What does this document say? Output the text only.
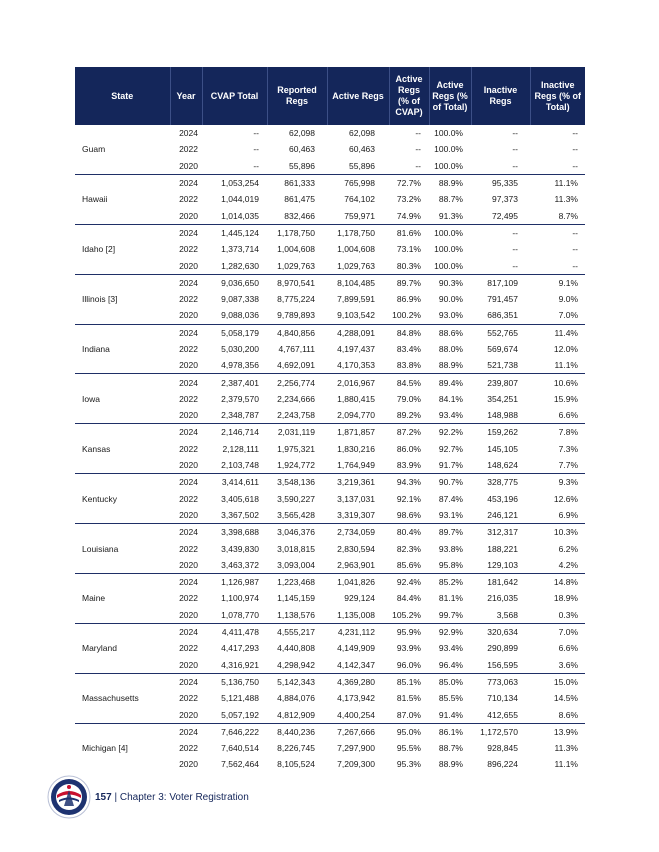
State	Year	CVAP Total	Reported Regs	Active Regs	Active Regs (% of CVAP)	Active Regs (% of Total)	Inactive Regs	Inactive Regs (% of Total)
Guam	2024	--	62,098	62,098	--	100.0%	--	--
	2022	--	60,463	60,463	--	100.0%	--	--
	2020	--	55,896	55,896	--	100.0%	--	--
Hawaii	2024	1,053,254	861,333	765,998	72.7%	88.9%	95,335	11.1%
	2022	1,044,019	861,475	764,102	73.2%	88.7%	97,373	11.3%
	2020	1,014,035	832,466	759,971	74.9%	91.3%	72,495	8.7%
Idaho [2]	2024	1,445,124	1,178,750	1,178,750	81.6%	100.0%	--	--
	2022	1,373,714	1,004,608	1,004,608	73.1%	100.0%	--	--
	2020	1,282,630	1,029,763	1,029,763	80.3%	100.0%	--	--
Illinois [3]	2024	9,036,650	8,970,541	8,104,485	89.7%	90.3%	817,109	9.1%
	2022	9,087,338	8,775,224	7,899,591	86.9%	90.0%	791,457	9.0%
	2020	9,088,036	9,789,893	9,103,542	100.2%	93.0%	686,351	7.0%
Indiana	2024	5,058,179	4,840,856	4,288,091	84.8%	88.6%	552,765	11.4%
	2022	5,030,200	4,767,111	4,197,437	83.4%	88.0%	569,674	12.0%
	2020	4,978,356	4,692,091	4,170,353	83.8%	88.9%	521,738	11.1%
Iowa	2024	2,387,401	2,256,774	2,016,967	84.5%	89.4%	239,807	10.6%
	2022	2,379,570	2,234,666	1,880,415	79.0%	84.1%	354,251	15.9%
	2020	2,348,787	2,243,758	2,094,770	89.2%	93.4%	148,988	6.6%
Kansas	2024	2,146,714	2,031,119	1,871,857	87.2%	92.2%	159,262	7.8%
	2022	2,128,111	1,975,321	1,830,216	86.0%	92.7%	145,105	7.3%
	2020	2,103,748	1,924,772	1,764,949	83.9%	91.7%	148,624	7.7%
Kentucky	2024	3,414,611	3,548,136	3,219,361	94.3%	90.7%	328,775	9.3%
	2022	3,405,618	3,590,227	3,137,031	92.1%	87.4%	453,196	12.6%
	2020	3,367,502	3,565,428	3,319,307	98.6%	93.1%	246,121	6.9%
Louisiana	2024	3,398,688	3,046,376	2,734,059	80.4%	89.7%	312,317	10.3%
	2022	3,439,830	3,018,815	2,830,594	82.3%	93.8%	188,221	6.2%
	2020	3,463,372	3,093,004	2,963,901	85.6%	95.8%	129,103	4.2%
Maine	2024	1,126,987	1,223,468	1,041,826	92.4%	85.2%	181,642	14.8%
	2022	1,100,974	1,145,159	929,124	84.4%	81.1%	216,035	18.9%
	2020	1,078,770	1,138,576	1,135,008	105.2%	99.7%	3,568	0.3%
Maryland	2024	4,411,478	4,555,217	4,231,112	95.9%	92.9%	320,634	7.0%
	2022	4,417,293	4,440,808	4,149,909	93.9%	93.4%	290,899	6.6%
	2020	4,316,921	4,298,942	4,142,347	96.0%	96.4%	156,595	3.6%
Massachusetts	2024	5,136,750	5,142,343	4,369,280	85.1%	85.0%	773,063	15.0%
	2022	5,121,488	4,884,076	4,173,942	81.5%	85.5%	710,134	14.5%
	2020	5,057,192	4,812,909	4,400,254	87.0%	91.4%	412,655	8.6%
Michigan [4]	2024	7,646,222	8,440,236	7,267,666	95.0%	86.1%	1,172,570	13.9%
	2022	7,640,514	8,226,745	7,297,900	95.5%	88.7%	928,845	11.3%
	2020	7,562,464	8,105,524	7,209,300	95.3%	88.9%	896,224	11.1%
157 | Chapter 3: Voter Registration
